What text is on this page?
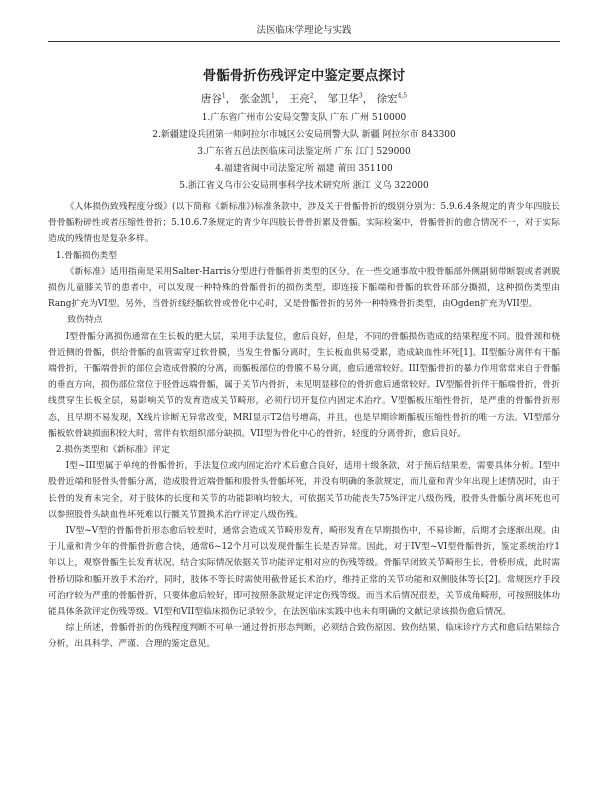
法医临床学理论与实践
骨骺骨折伤残评定中鉴定要点探讨
唐谷$^1$， 张金凯$^1$， 王亮$^2$， 邹卫华$^3$， 徐宏$^{4,5}$
1.广东省广州市公安局交警支队 广东 广州 510000
2.新疆建设兵团第一师阿拉尔市城区公安局刑警大队 新疆 阿拉尔市 843300
3.广东省五邑法医临床司法鉴定所 广东 江门 529000
4.福建省闽中司法鉴定所 福建 莆田 351100
5.浙江省义乌市公安局刑事科学技术研究所 浙江 义乌 322000

《人体损伤致残程度分级》(以下简称《新标准》)标准条款中，涉及关于骨骺骨折的级别分别为：5.9.6.4条规定的青少年四肢长骨骨骺粉碎性或者压缩性骨折；5.10.6.7条规定的青少年四肢长骨骨折累及骨骺。实际检案中，骨骺骨折的愈合情况不一，对于实际造成的残情也是复杂多样。

1.骨骺损伤类型

《新标准》适用指南是采用Salter-Harris分型进行骨骺骨折类型的区分。在一些交通事故中股骨骺部外侧副韧带断裂或者剥脱损伤儿童膝关节的患者中，可以发现一种特殊的骨骺骨折的损伤类型，即连接下骺端和骨骺的软骨环部分撕损，这种损伤类型由Rang扩充为VI型。另外，当骨折线经骺软骨或骨化中心时，又是骨骺骨折的另外一种特殊骨折类型，由Ogden扩充为VII型。

致伤特点

I型骨骺分离损伤通常在生长板的肥大层，采用手法复位，愈后良好，但是，不同的骨骺损伤造成的结果程度不同。股骨颈和桡骨近侧的骨骺，供给骨骺的血管需穿过软骨膜，当发生骨骺分离时，生长板血供易受累，造成缺血性坏死[1]。II型骺分离伴有干骺端骨折，干骺端骨折的部位会造成骨膜的分离，而骺板部位的骨膜不易分离，愈后通常较好。III型骺骨折的暴力作用常常来自于骨骺的垂直方向，损伤部位常位于胫骨远端骨骺，属于关节内骨折，未见明显移位的骨折愈后通常较好。IV型骺骨折伴干骺端骨折，骨折线贯穿生长板全层，易影响关节的发育造成关节畸形，必须行切开复位内固定术治疗。V型骺板压缩性骨折，是严重的骨骺骨折形态，且早期不易发现，X线片诊断无异常改变，MRI显示T2信号增高，并且，也是早期诊断骺板压缩性骨折的唯一方法。VI型部分骺板软骨缺损面积较大时，常伴有软组织部分缺损。VII型为骨化中心的骨折，轻度的分离骨折，愈后良好。

2.损伤类型和《新标准》评定

I型~III型属于单纯的骨骺骨折，手法复位或内固定治疗术后愈合良好，适用十级条款，对于预后结果差，需要具体分析。I型中股骨近端和胫骨头骨骺分离，造成股骨近端骨骺和股骨头骨骺坏死，并没有明确的条款规定，而儿童和青少年出现上述情况时，由于长骨的发育未完全，对于肢体的长度和关节的功能影响均较大，可依据关节功能丧失75%评定八级伤残，股骨头骨骺分离坏死也可以参照股骨头缺血性坏死难以行髋关节置换术治疗评定八级伤残。

IV型~V型的骨骺骨折形态愈后较差时，通常会造成关节畸形发育，畸形发育在早期损伤中，不易诊断，后期才会逐渐出现。由于儿童和青少年的骨骺骨折愈合快，通常6~12个月可以发现骨骺生长是否异常。因此，对于IV型~VI型骨骺骨折，鉴定系统治疗1年以上，观察骨骺生长发育状况，结合实际情况依据关节功能评定相对应的伤残等级。骨骺早闭致关节畸形生长，骨桥形成，此时需骨桥切除和骺开放手术治疗，同时，肢体不等长时需使用截骨延长术治疗，维持正常的关节功能和双侧肢体等长[2]。常规医疗手段可治疗较为严重的骨骺骨折，只要体愈后较好，即可按照条款规定评定伤残等级。而当术后情况很差，关节成角畸形，可按照肢体功能具体条款评定伤残等级。VI型和VII型临床损伤记录较少，在法医临床实践中也未有明确的文献记录该损伤愈后情况。

综上所述，骨骺骨折的伤残程度判断不可单一通过骨折形态判断，必须结合致伤原因、致伤结果、临床诊疗方式和愈后结果综合分析，出具科学、严谨、合理的鉴定意见。
